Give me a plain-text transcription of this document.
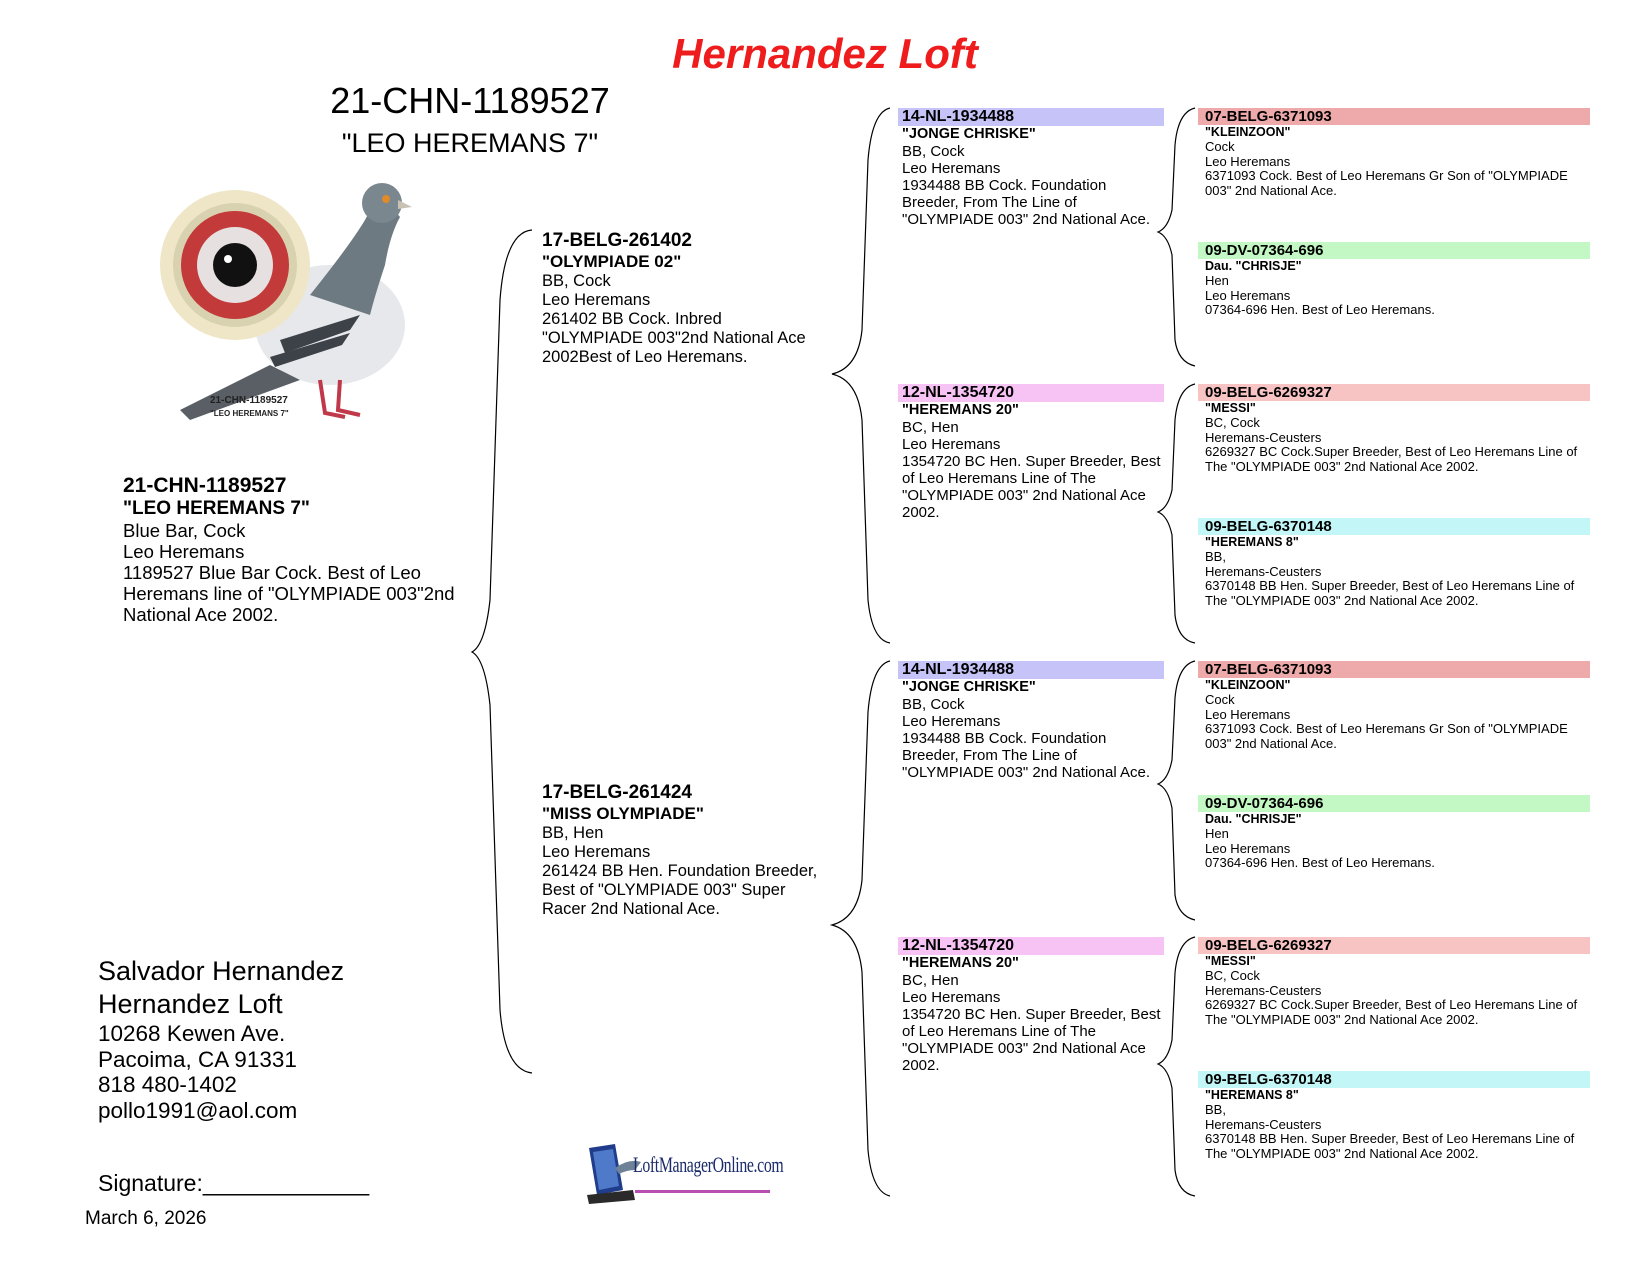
Hernandez Loft
21-CHN-1189527
"LEO HEREMANS 7"
21-CHN-1189527
"LEO HEREMANS 7"
21-CHN-1189527
"LEO HEREMANS 7"
Blue Bar, Cock
Leo Heremans
1189527 Blue Bar Cock. Best of Leo Heremans line of "OLYMPIADE 003"2nd National Ace 2002.
17-BELG-261402
"OLYMPIADE 02"
BB, Cock
Leo Heremans
261402 BB Cock. Inbred "OLYMPIADE 003"2nd National Ace 2002Best of Leo Heremans.
17-BELG-261424
"MISS OLYMPIADE"
BB, Hen
Leo Heremans
261424 BB Hen. Foundation Breeder, Best of "OLYMPIADE 003" Super Racer 2nd National Ace.
14-NL-1934488
"JONGE CHRISKE"
BB, Cock
Leo Heremans
1934488 BB Cock. Foundation Breeder, From The Line of "OLYMPIADE 003" 2nd National Ace.
12-NL-1354720
"HEREMANS 20"
BC, Hen
Leo Heremans
1354720 BC Hen. Super Breeder, Best of Leo Heremans Line of The "OLYMPIADE 003" 2nd National Ace 2002.
14-NL-1934488
"JONGE CHRISKE"
BB, Cock
Leo Heremans
1934488 BB Cock. Foundation Breeder, From The Line of "OLYMPIADE 003" 2nd National Ace.
12-NL-1354720
"HEREMANS 20"
BC, Hen
Leo Heremans
1354720 BC Hen. Super Breeder, Best of Leo Heremans Line of The "OLYMPIADE 003" 2nd National Ace 2002.
07-BELG-6371093
"KLEINZOON"
Cock
Leo Heremans
6371093 Cock. Best of Leo Heremans Gr Son of "OLYMPIADE 003" 2nd National Ace.
09-DV-07364-696
Dau. "CHRISJE"
Hen
Leo Heremans
07364-696 Hen. Best of Leo Heremans.
09-BELG-6269327
"MESSI"
BC, Cock
Heremans-Ceusters
6269327 BC Cock.Super Breeder, Best of Leo Heremans Line of The "OLYMPIADE 003" 2nd National Ace 2002.
09-BELG-6370148
"HEREMANS 8"
BB,
Heremans-Ceusters
6370148 BB Hen. Super Breeder, Best of Leo Heremans Line of The "OLYMPIADE 003" 2nd National Ace 2002.
07-BELG-6371093
"KLEINZOON"
Cock
Leo Heremans
6371093 Cock. Best of Leo Heremans Gr Son of "OLYMPIADE 003" 2nd National Ace.
09-DV-07364-696
Dau. "CHRISJE"
Hen
Leo Heremans
07364-696 Hen. Best of Leo Heremans.
09-BELG-6269327
"MESSI"
BC, Cock
Heremans-Ceusters
6269327 BC Cock.Super Breeder, Best of Leo Heremans Line of The "OLYMPIADE 003" 2nd National Ace 2002.
09-BELG-6370148
"HEREMANS 8"
BB,
Heremans-Ceusters
6370148 BB Hen. Super Breeder, Best of Leo Heremans Line of The "OLYMPIADE 003" 2nd National Ace 2002.
Salvador Hernandez
Hernandez Loft
10268 Kewen Ave.
Pacoima, CA 91331
818 480-1402
pollo1991@aol.com
Signature:_____________
March 6, 2026
LoftManagerOnline.com
